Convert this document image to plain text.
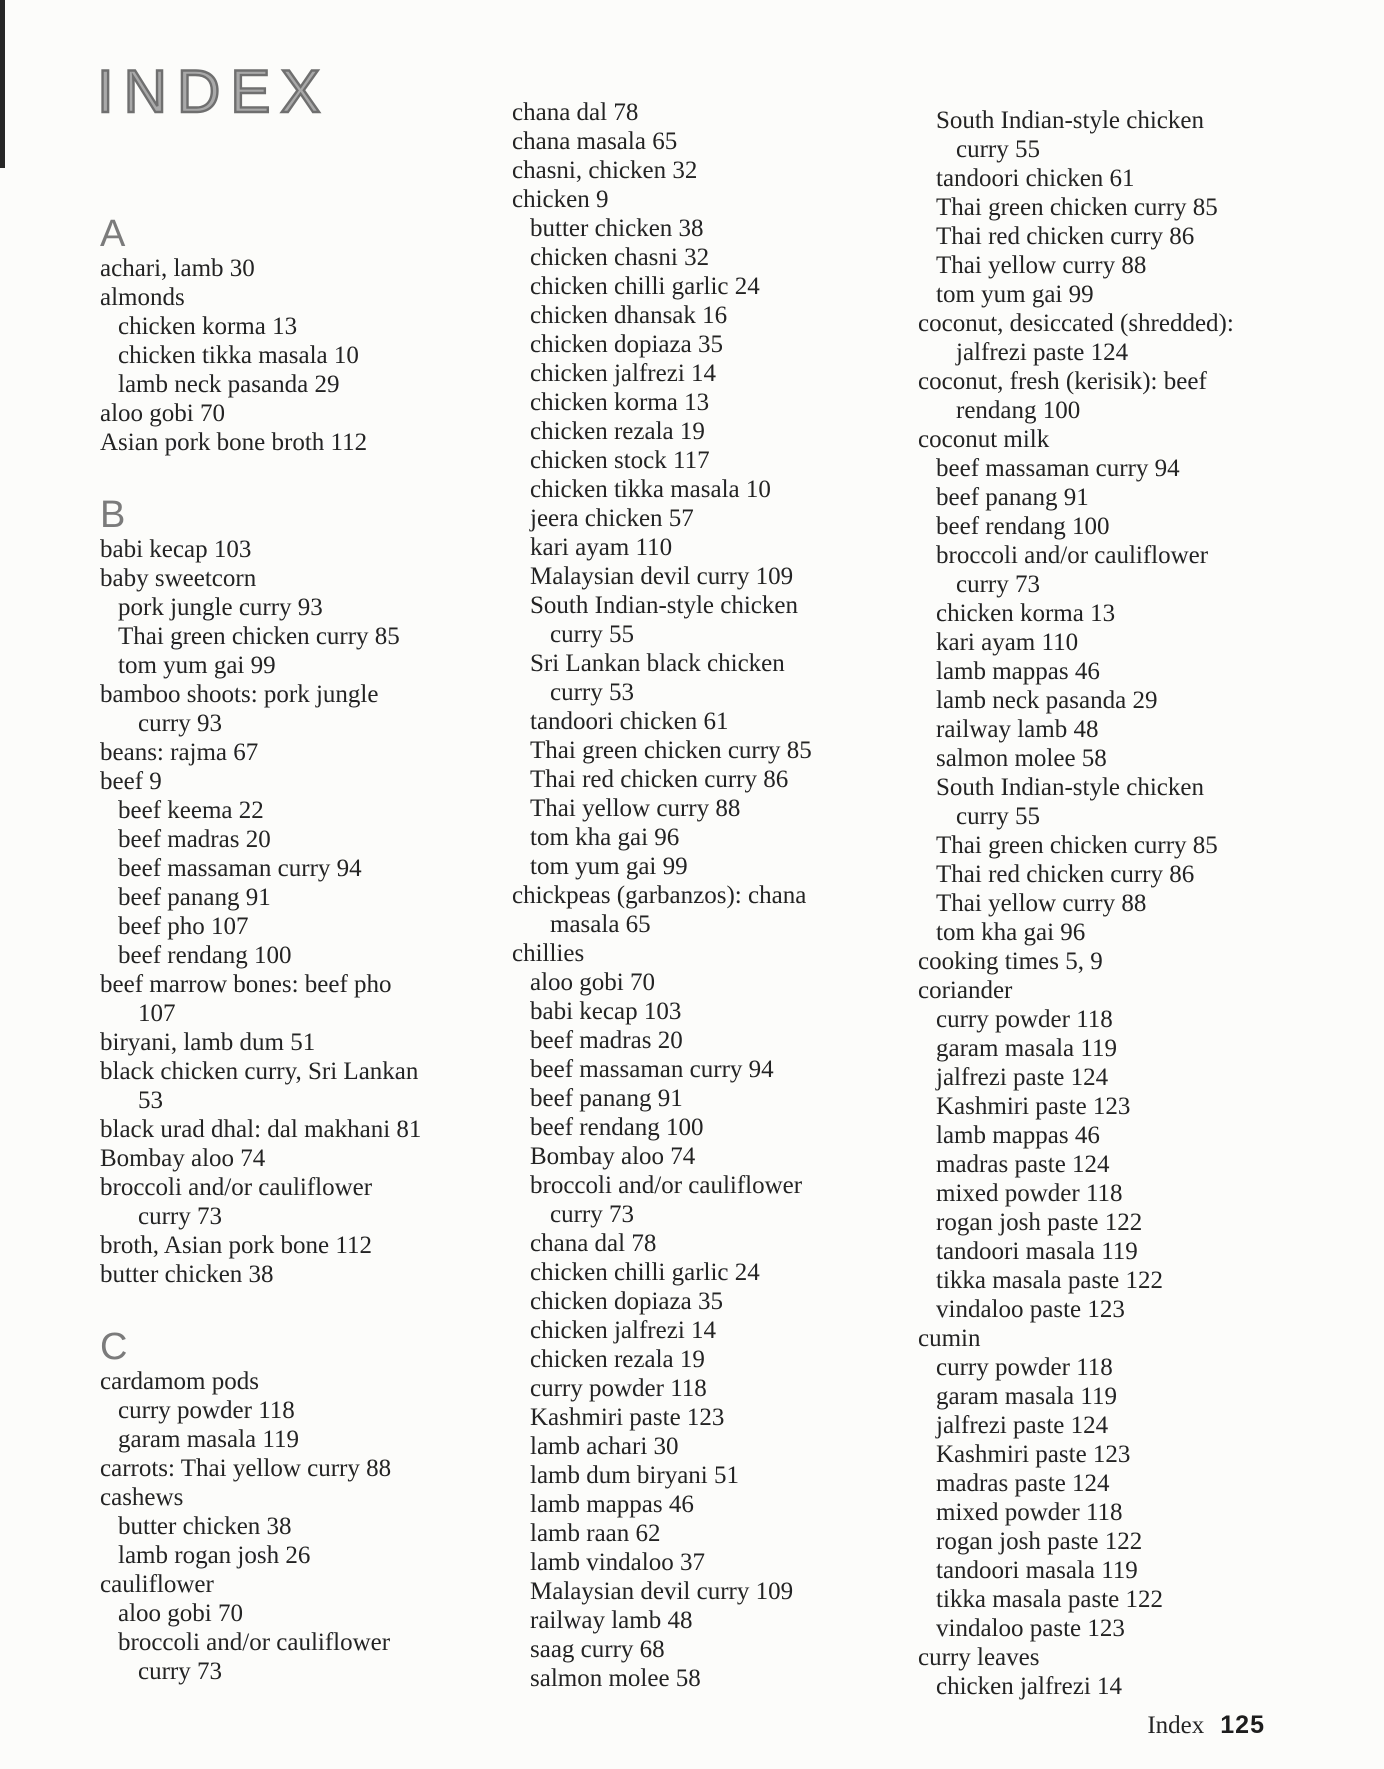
INDEX
A
achari, lamb 30
almonds
chicken korma 13
chicken tikka masala 10
lamb neck pasanda 29
aloo gobi 70
Asian pork bone broth 112
B
babi kecap 103
baby sweetcorn
pork jungle curry 93
Thai green chicken curry 85
tom yum gai 99
bamboo shoots: pork jungle
curry 93
beans: rajma 67
beef 9
beef keema 22
beef madras 20
beef massaman curry 94
beef panang 91
beef pho 107
beef rendang 100
beef marrow bones: beef pho
107
biryani, lamb dum 51
black chicken curry, Sri Lankan
53
black urad dhal: dal makhani 81
Bombay aloo 74
broccoli and/or cauliflower
curry 73
broth, Asian pork bone 112
butter chicken 38
C
cardamom pods
curry powder 118
garam masala 119
carrots: Thai yellow curry 88
cashews
butter chicken 38
lamb rogan josh 26
cauliflower
aloo gobi 70
broccoli and/or cauliflower
curry 73
chana dal 78
chana masala 65
chasni, chicken 32
chicken 9
butter chicken 38
chicken chasni 32
chicken chilli garlic 24
chicken dhansak 16
chicken dopiaza 35
chicken jalfrezi 14
chicken korma 13
chicken rezala 19
chicken stock 117
chicken tikka masala 10
jeera chicken 57
kari ayam 110
Malaysian devil curry 109
South Indian-style chicken
curry 55
Sri Lankan black chicken
curry 53
tandoori chicken 61
Thai green chicken curry 85
Thai red chicken curry 86
Thai yellow curry 88
tom kha gai 96
tom yum gai 99
chickpeas (garbanzos): chana
masala 65
chillies
aloo gobi 70
babi kecap 103
beef madras 20
beef massaman curry 94
beef panang 91
beef rendang 100
Bombay aloo 74
broccoli and/or cauliflower
curry 73
chana dal 78
chicken chilli garlic 24
chicken dopiaza 35
chicken jalfrezi 14
chicken rezala 19
curry powder 118
Kashmiri paste 123
lamb achari 30
lamb dum biryani 51
lamb mappas 46
lamb raan 62
lamb vindaloo 37
Malaysian devil curry 109
railway lamb 48
saag curry 68
salmon molee 58
South Indian-style chicken
curry 55
tandoori chicken 61
Thai green chicken curry 85
Thai red chicken curry 86
Thai yellow curry 88
tom yum gai 99
coconut, desiccated (shredded):
jalfrezi paste 124
coconut, fresh (kerisik): beef
rendang 100
coconut milk
beef massaman curry 94
beef panang 91
beef rendang 100
broccoli and/or cauliflower
curry 73
chicken korma 13
kari ayam 110
lamb mappas 46
lamb neck pasanda 29
railway lamb 48
salmon molee 58
South Indian-style chicken
curry 55
Thai green chicken curry 85
Thai red chicken curry 86
Thai yellow curry 88
tom kha gai 96
cooking times 5, 9
coriander
curry powder 118
garam masala 119
jalfrezi paste 124
Kashmiri paste 123
lamb mappas 46
madras paste 124
mixed powder 118
rogan josh paste 122
tandoori masala 119
tikka masala paste 122
vindaloo paste 123
cumin
curry powder 118
garam masala 119
jalfrezi paste 124
Kashmiri paste 123
madras paste 124
mixed powder 118
rogan josh paste 122
tandoori masala 119
tikka masala paste 122
vindaloo paste 123
curry leaves
chicken jalfrezi 14
Index 125
